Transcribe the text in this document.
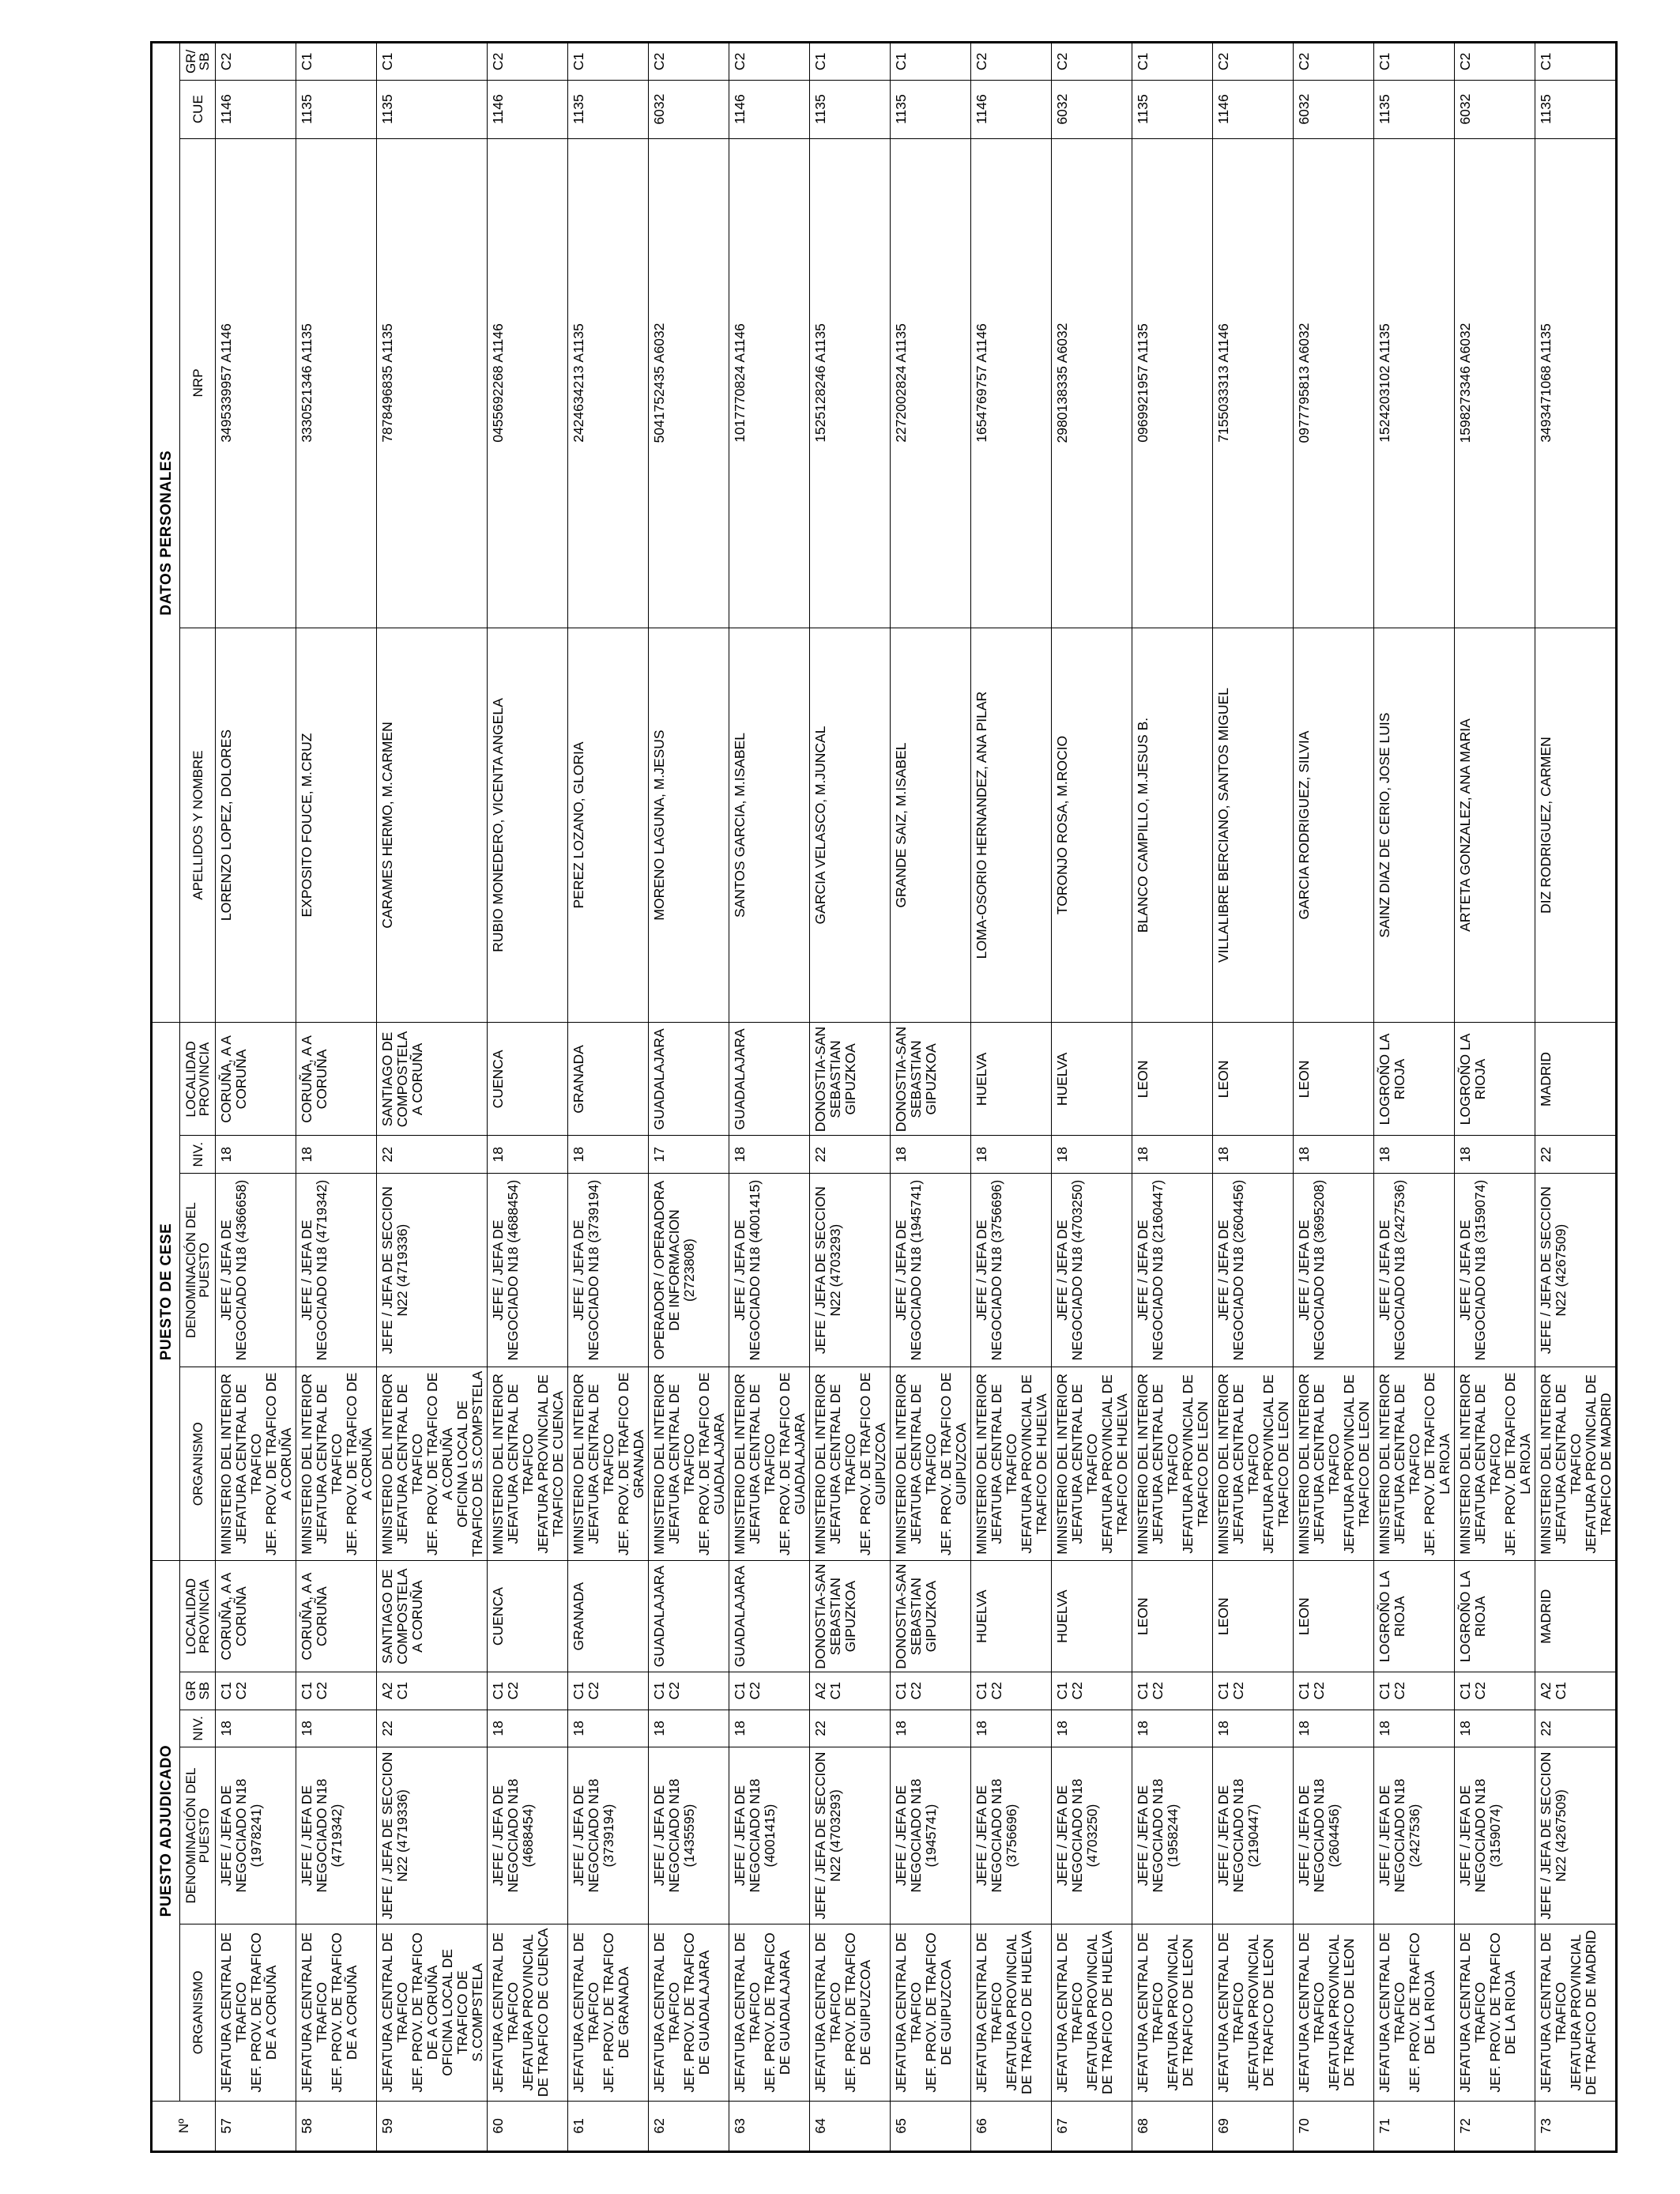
Nº	PUESTO ADJUDICADO					PUESTO DE CESE				DATOS PERSONALES			
	ORGANISMO	DENOMINACIÓN DEL PUESTO	NIV.	GR SB	LOCALIDAD PROVINCIA	ORGANISMO	DENOMINACIÓN DEL PUESTO	NIV.	LOCALIDAD PROVINCIA	APELLIDOS Y NOMBRE	NRP	CUE	GR/ SB
57	JEFATURA CENTRAL DE TRAFICO JEF. PROV. DE TRAFICO DE A CORUÑA	JEFE / JEFA DE NEGOCIADO N18 (1978241)	18	C1 C2	CORUÑA, A A CORUÑA	MINISTERIO DEL INTERIOR JEFATURA CENTRAL DE TRAFICO JEF. PROV. DE TRAFICO DE A CORUÑA	JEFE / JEFA DE NEGOCIADO N18 (4366658)	18	CORUÑA, A A CORUÑA	LORENZO LOPEZ, DOLORES	3495339957 A1146	1146	C2
58	JEFATURA CENTRAL DE TRAFICO JEF. PROV. DE TRAFICO DE A CORUÑA	JEFE / JEFA DE NEGOCIADO N18 (4719342)	18	C1 C2	CORUÑA, A A CORUÑA	MINISTERIO DEL INTERIOR JEFATURA CENTRAL DE TRAFICO JEF. PROV. DE TRAFICO DE A CORUÑA	JEFE / JEFA DE NEGOCIADO N18 (4719342)	18	CORUÑA, A A CORUÑA	EXPOSITO FOUCE, M.CRUZ	3330521346 A1135	1135	C1
59	JEFATURA CENTRAL DE TRAFICO JEF. PROV. DE TRAFICO DE A CORUÑA OFICINA LOCAL DE TRAFICO DE S.COMPSTELA	JEFE / JEFA DE SECCION N22 (4719336)	22	A2 C1	SANTIAGO DE COMPOSTELA A CORUÑA	MINISTERIO DEL INTERIOR JEFATURA CENTRAL DE TRAFICO JEF. PROV. DE TRAFICO DE A CORUÑA OFICINA LOCAL DE TRAFICO DE S.COMPSTELA	JEFE / JEFA DE SECCION N22 (4719336)	22	SANTIAGO DE COMPOSTELA A CORUÑA	CARAMES HERMO, M.CARMEN	7878496835 A1135	1135	C1
60	JEFATURA CENTRAL DE TRAFICO JEFATURA PROVINCIAL DE TRAFICO DE CUENCA	JEFE / JEFA DE NEGOCIADO N18 (4688454)	18	C1 C2	CUENCA	MINISTERIO DEL INTERIOR JEFATURA CENTRAL DE TRAFICO JEFATURA PROVINCIAL DE TRAFICO DE CUENCA	JEFE / JEFA DE NEGOCIADO N18 (4688454)	18	CUENCA	RUBIO MONEDERO, VICENTA ANGELA	0455692268 A1146	1146	C2
61	JEFATURA CENTRAL DE TRAFICO JEF. PROV. DE TRAFICO DE GRANADA	JEFE / JEFA DE NEGOCIADO N18 (3739194)	18	C1 C2	GRANADA	MINISTERIO DEL INTERIOR JEFATURA CENTRAL DE TRAFICO JEF. PROV. DE TRAFICO DE GRANADA	JEFE / JEFA DE NEGOCIADO N18 (3739194)	18	GRANADA	PEREZ LOZANO, GLORIA	2424634213 A1135	1135	C1
62	JEFATURA CENTRAL DE TRAFICO JEF. PROV. DE TRAFICO DE GUADALAJARA	JEFE / JEFA DE NEGOCIADO N18 (1435595)	18	C1 C2	GUADALAJARA	MINISTERIO DEL INTERIOR JEFATURA CENTRAL DE TRAFICO JEF. PROV. DE TRAFICO DE GUADALAJARA	OPERADOR / OPERADORA DE INFORMACION (2723808)	17	GUADALAJARA	MORENO LAGUNA, M.JESUS	5041752435 A6032	6032	C2
63	JEFATURA CENTRAL DE TRAFICO JEF. PROV. DE TRAFICO DE GUADALAJARA	JEFE / JEFA DE NEGOCIADO N18 (4001415)	18	C1 C2	GUADALAJARA	MINISTERIO DEL INTERIOR JEFATURA CENTRAL DE TRAFICO JEF. PROV. DE TRAFICO DE GUADALAJARA	JEFE / JEFA DE NEGOCIADO N18 (4001415)	18	GUADALAJARA	SANTOS GARCIA, M.ISABEL	1017770824 A1146	1146	C2
64	JEFATURA CENTRAL DE TRAFICO JEF. PROV. DE TRAFICO DE GUIPUZCOA	JEFE / JEFA DE SECCION N22 (4703293)	22	A2 C1	DONOSTIA-SAN SEBASTIAN GIPUZKOA	MINISTERIO DEL INTERIOR JEFATURA CENTRAL DE TRAFICO JEF. PROV. DE TRAFICO DE GUIPUZCOA	JEFE / JEFA DE SECCION N22 (4703293)	22	DONOSTIA-SAN SEBASTIAN GIPUZKOA	GARCIA VELASCO, M.JUNCAL	1525128246 A1135	1135	C1
65	JEFATURA CENTRAL DE TRAFICO JEF. PROV. DE TRAFICO DE GUIPUZCOA	JEFE / JEFA DE NEGOCIADO N18 (1945741)	18	C1 C2	DONOSTIA-SAN SEBASTIAN GIPUZKOA	MINISTERIO DEL INTERIOR JEFATURA CENTRAL DE TRAFICO JEF. PROV. DE TRAFICO DE GUIPUZCOA	JEFE / JEFA DE NEGOCIADO N18 (1945741)	18	DONOSTIA-SAN SEBASTIAN GIPUZKOA	GRANDE SAIZ, M.ISABEL	2272002824 A1135	1135	C1
66	JEFATURA CENTRAL DE TRAFICO JEFATURA PROVINCIAL DE TRAFICO DE HUELVA	JEFE / JEFA DE NEGOCIADO N18 (3756696)	18	C1 C2	HUELVA	MINISTERIO DEL INTERIOR JEFATURA CENTRAL DE TRAFICO JEFATURA PROVINCIAL DE TRAFICO DE HUELVA	JEFE / JEFA DE NEGOCIADO N18 (3756696)	18	HUELVA	LOMA-OSORIO HERNANDEZ, ANA PILAR	1654769757 A1146	1146	C2
67	JEFATURA CENTRAL DE TRAFICO JEFATURA PROVINCIAL DE TRAFICO DE HUELVA	JEFE / JEFA DE NEGOCIADO N18 (4703250)	18	C1 C2	HUELVA	MINISTERIO DEL INTERIOR JEFATURA CENTRAL DE TRAFICO JEFATURA PROVINCIAL DE TRAFICO DE HUELVA	JEFE / JEFA DE NEGOCIADO N18 (4703250)	18	HUELVA	TORONJO ROSA, M.ROCIO	2980138335 A6032	6032	C2
68	JEFATURA CENTRAL DE TRAFICO JEFATURA PROVINCIAL DE TRAFICO DE LEON	JEFE / JEFA DE NEGOCIADO N18 (1958244)	18	C1 C2	LEON	MINISTERIO DEL INTERIOR JEFATURA CENTRAL DE TRAFICO JEFATURA PROVINCIAL DE TRAFICO DE LEON	JEFE / JEFA DE NEGOCIADO N18 (2160447)	18	LEON	BLANCO CAMPILLO, M.JESUS B.	0969921957 A1135	1135	C1
69	JEFATURA CENTRAL DE TRAFICO JEFATURA PROVINCIAL DE TRAFICO DE LEON	JEFE / JEFA DE NEGOCIADO N18 (2190447)	18	C1 C2	LEON	MINISTERIO DEL INTERIOR JEFATURA CENTRAL DE TRAFICO JEFATURA PROVINCIAL DE TRAFICO DE LEON	JEFE / JEFA DE NEGOCIADO N18 (2604456)	18	LEON	VILLALIBRE BERCIANO, SANTOS MIGUEL	7155033313 A1146	1146	C2
70	JEFATURA CENTRAL DE TRAFICO JEFATURA PROVINCIAL DE TRAFICO DE LEON	JEFE / JEFA DE NEGOCIADO N18 (2604456)	18	C1 C2	LEON	MINISTERIO DEL INTERIOR JEFATURA CENTRAL DE TRAFICO JEFATURA PROVINCIAL DE TRAFICO DE LEON	JEFE / JEFA DE NEGOCIADO N18 (3695208)	18	LEON	GARCIA RODRIGUEZ, SILVIA	0977795813 A6032	6032	C2
71	JEFATURA CENTRAL DE TRAFICO JEF. PROV. DE TRAFICO DE LA RIOJA	JEFE / JEFA DE NEGOCIADO N18 (2427536)	18	C1 C2	LOGROÑO LA RIOJA	MINISTERIO DEL INTERIOR JEFATURA CENTRAL DE TRAFICO JEF. PROV. DE TRAFICO DE LA RIOJA	JEFE / JEFA DE NEGOCIADO N18 (2427536)	18	LOGROÑO LA RIOJA	SAINZ DIAZ DE CERIO, JOSE LUIS	1524203102 A1135	1135	C1
72	JEFATURA CENTRAL DE TRAFICO JEF. PROV. DE TRAFICO DE LA RIOJA	JEFE / JEFA DE NEGOCIADO N18 (3159074)	18	C1 C2	LOGROÑO LA RIOJA	MINISTERIO DEL INTERIOR JEFATURA CENTRAL DE TRAFICO JEF. PROV. DE TRAFICO DE LA RIOJA	JEFE / JEFA DE NEGOCIADO N18 (3159074)	18	LOGROÑO LA RIOJA	ARTETA GONZALEZ, ANA MARIA	1598273346 A6032	6032	C2
73	JEFATURA CENTRAL DE TRAFICO JEFATURA PROVINCIAL DE TRAFICO DE MADRID	JEFE / JEFA DE SECCION N22 (4267509)	22	A2 C1	MADRID	MINISTERIO DEL INTERIOR JEFATURA CENTRAL DE TRAFICO JEFATURA PROVINCIAL DE TRAFICO DE MADRID	JEFE / JEFA DE SECCION N22 (4267509)	22	MADRID	DIZ RODRIGUEZ, CARMEN	3493471068 A1135	1135	C1
